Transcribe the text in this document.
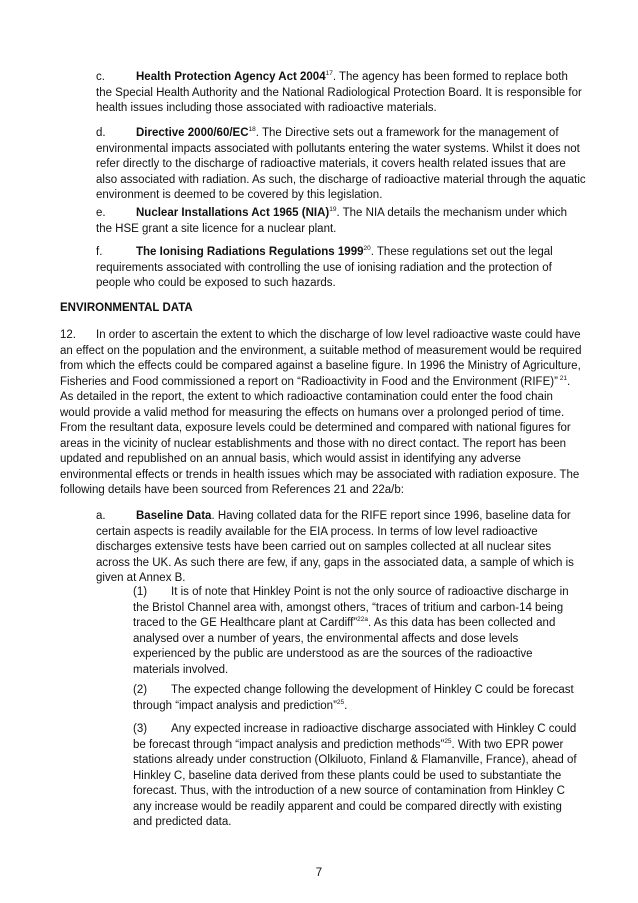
c.	Health Protection Agency Act 2004$^{17}$. The agency has been formed to replace both the Special Health Authority and the National Radiological Protection Board. It is responsible for health issues including those associated with radioactive materials.

d.	Directive 2000/60/EC$^{18}$. The Directive sets out a framework for the management of environmental impacts associated with pollutants entering the water systems. Whilst it does not refer directly to the discharge of radioactive materials, it covers health related issues that are also associated with radiation. As such, the discharge of radioactive material through the aquatic environment is deemed to be covered by this legislation.

e.	Nuclear Installations Act 1965 (NIA)$^{19}$. The NIA details the mechanism under which the HSE grant a site licence for a nuclear plant.

f.	The Ionising Radiations Regulations 1999$^{20}$. These regulations set out the legal requirements associated with controlling the use of ionising radiation and the protection of people who could be exposed to such hazards.

ENVIRONMENTAL DATA

12. In order to ascertain the extent to which the discharge of low level radioactive waste could have an effect on the population and the environment, a suitable method of measurement would be required from which the effects could be compared against a baseline figure. In 1996 the Ministry of Agriculture, Fisheries and Food commissioned a report on “Radioactivity in Food and the Environment (RIFE)” $^{21}$. As detailed in the report, the extent to which radioactive contamination could enter the food chain would provide a valid method for measuring the effects on humans over a prolonged period of time. From the resultant data, exposure levels could be determined and compared with national figures for areas in the vicinity of nuclear establishments and those with no direct contact. The report has been updated and republished on an annual basis, which would assist in identifying any adverse environmental effects or trends in health issues which may be associated with radiation exposure. The following details have been sourced from References 21 and 22a/b:

a.	Baseline Data. Having collated data for the RIFE report since 1996, baseline data for certain aspects is readily available for the EIA process. In terms of low level radioactive discharges extensive tests have been carried out on samples collected at all nuclear sites across the UK. As such there are few, if any, gaps in the associated data, a sample of which is given at Annex B.

(1) It is of note that Hinkley Point is not the only source of radioactive discharge in the Bristol Channel area with, amongst others, “traces of tritium and carbon-14 being traced to the GE Healthcare plant at Cardiff”$^{22a}$. As this data has been collected and analysed over a number of years, the environmental affects and dose levels experienced by the public are understood as are the sources of the radioactive materials involved.

(2) The expected change following the development of Hinkley C could be forecast through “impact analysis and prediction”$^{25}$.

(3) Any expected increase in radioactive discharge associated with Hinkley C could be forecast through “impact analysis and prediction methods”$^{25}$. With two EPR power stations already under construction (Olkiluoto, Finland & Flamanville, France), ahead of Hinkley C, baseline data derived from these plants could be used to substantiate the forecast. Thus, with the introduction of a new source of contamination from Hinkley C any increase would be readily apparent and could be compared directly with existing and predicted data.

7
